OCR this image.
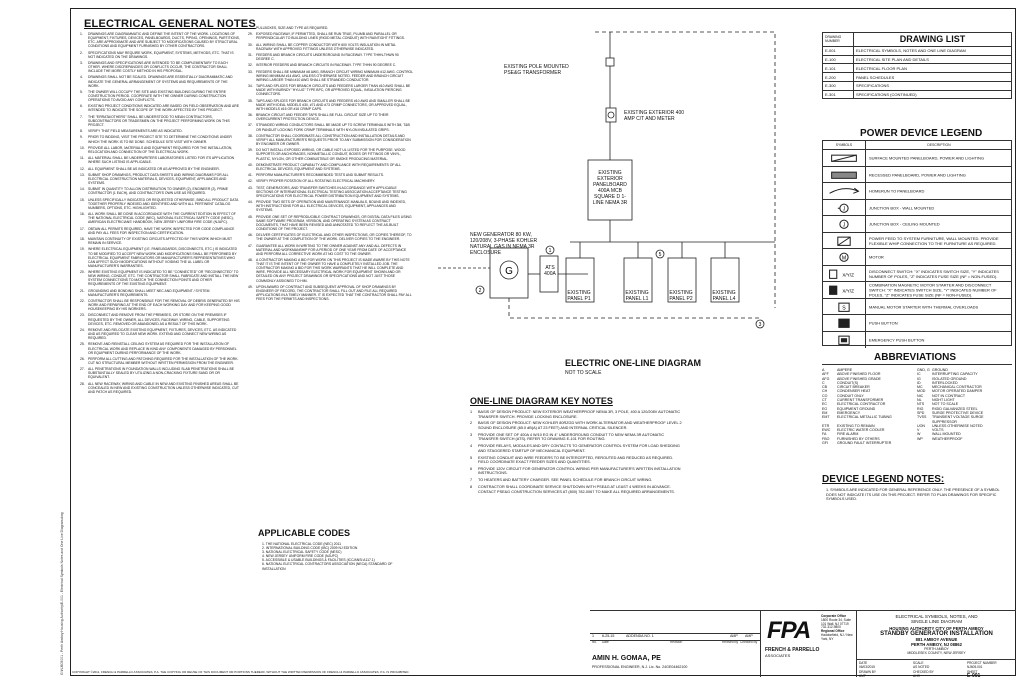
G:\NJ605001 - Perth Amboy Housing Authority\E-001 - Electrical Symbols Notes and One Line Diagram.dwg
ELECTRICAL GENERAL NOTES
1.	DRAWINGS ARE DIAGRAMMATIC AND DEFINE THE INTENT OF THE WORK. LOCATIONS OF EQUIPMENT, FIXTURES, DEVICES, PANELBOARDS, DUCTS, PIPING, OPENINGS, PARTITIONS, ETC. ARE APPROXIMATE AND ARE SUBJECT TO MODIFICATIONS CAUSED BY STRUCTURAL CONDITIONS AND EQUIPMENT FURNISHED BY OTHER CONTRACTORS.
2.	SPECIFICATIONS MAY REQUIRE WORK, EQUIPMENT, SYSTEMS, METHODS, ETC. THAT IS NOT INDICATED ON THE DRAWINGS.
3.	DRAWINGS AND SPECIFICATIONS ARE INTENDED TO BE COMPLEMENTARY TO EACH OTHER. WHERE DISCREPANCIES OR CONFLICTS OCCUR, THE CONTRACTOR SHALL INCLUDE THE MORE COSTLY METHOD IN HIS PROPOSAL.
4.	DRAWINGS SHALL NOT BE SCALED. DRAWINGS ARE ESSENTIALLY DIAGRAMMATIC AND INDICATE THE GENERAL ARRANGEMENT OF SYSTEMS AND REQUIREMENTS OF THE WORK.
5.	THE OWNER WILL OCCUPY THE SITE AND EXISTING BUILDING DURING THE ENTIRE CONSTRUCTION PERIOD. COOPERATE WITH THE OWNER DURING CONSTRUCTION OPERATIONS TO AVOID ANY CONFLICTS.
6.	EXISTING PROJECT CONDITIONS INDICATED ARE BASED ON FIELD OBSERVATION AND ARE INTENDED TO INDICATE THE SCOPE OF THE WORK AFFECTED BY THIS PROJECT.
7.	THE "ERRATA/OTHERS" SHALL BE UNDERSTOOD TO MEAN CONTRACTORS, SUBCONTRACTORS OR TRADESMEN ON THE PROJECT PERFORMING WORK ON THIS PROJECT.
8.	VERIFY THAT FIELD MEASUREMENTS ARE AS INDICATED.
9.	PRIOR TO BIDDING, VISIT THE PROJECT SITE TO DETERMINE THE CONDITIONS UNDER WHICH THE WORK IS TO BE DONE. SCHEDULE SITE VISIT WITH OWNER.
10. PROVIDE ALL LABOR, MATERIALS AND EQUIPMENT REQUIRED FOR THE INSTALLATION, RELOCATION AND CONNECTION OF THE ELECTRICAL WORK.
11.	ALL MATERIAL SHALL BE UNDERWRITERS LABORATORIES LISTED FOR ITS APPLICATION WHERE SUCH LISTING IS APPLICABLE.
12. ALL EQUIPMENT SHALL BE AS INDICATED OR AS APPROVED BY THE ENGINEER.
13. SUBMIT SHOP DRAWINGS, PRODUCT DATA SHEETS AND WIRING DIAGRAMS FOR ALL ELECTRICAL CONSTRUCTION MATERIALS, DEVICES, EQUIPMENT, APPLIANCES AND SYSTEMS.
14. SUBMIT IN QUANTITY TO ALLOW DISTRIBUTION TO OWNER (2), ENGINEER (2), PRIME CONTRACTOR (1 EACH), AND CONTRACTOR'S OWN USE AS REQUIRED.
15. UNLESS SPECIFICALLY INDICATED OR REQUESTED OTHERWISE, BIND ALL PRODUCT DATA TOGETHER PROPERLY INDEXED AND IDENTIFIED AND WITH ALL PERTINENT CATALOG NUMBERS, OPTIONS, ETC. HIGHLIGHTED.
16. ALL WORK SHALL BE DONE IN ACCORDANCE WITH THE CURRENT EDITION IN EFFECT OF THE NATIONAL ELECTRICAL CODE (NEC), NATIONAL ELECTRICAL SAFETY CODE (NESC), AMERICAN ELECTRICIANS' HANDBOOK, NEW JERSEY UNIFORM FIRE CODE (NJUFC).
17. OBTAIN ALL PERMITS REQUIRED, HAVE THE WORK INSPECTED FOR CODE COMPLIANCE AND PAY ALL FEES FOR INSPECTION AND CERTIFICATION.
18. MAINTAIN CONTINUITY OF EXISTING CIRCUITS AFFECTED BY THIS WORK WHICH MUST REMAIN IN SERVICE.
19. WHERE ELECTRICAL EQUIPMENT (I.E. PANELBOARDS, DISCONNECTS, ETC.) IS INDICATED TO BE MODIFIED TO ACCEPT NEW WORK AND MODIFICATIONS SHALL BE PERFORMED BY ELECTRICAL EQUIPMENT FABRICATORS OR MANUFACTURER'S REPRESENTATIVES WHO CAN AFFECT SUCH MODIFICATIONS WITHOUT VOIDING THE UL LABEL OR MANUFACTURER'S WARRANTIES.
20. WHERE EXISTING EQUIPMENT IS INDICATED TO BE "CONNECTED" OR "RECONNECTED" TO NEW WIRING, CONDUIT, ETC. THE CONTRACTOR SHALL FABRICATE AND INSTALL THE NEW SYSTEM CONNECTIONS TO MATCH THE CONNECTION POINTS AND OTHER REQUIREMENTS OF THE EXISTING EQUIPMENT.
21. GROUNDING AND BONDING SHALL MEET NEC AND EQUIPMENT / SYSTEM MANUFACTURER'S REQUIREMENTS.
22. CONTRACTOR SHALL BE RESPONSIBLE FOR THE REMOVAL OF DEBRIS GENERATED BY HIS WORK AND REPAIRING AT THE END OF EACH WORKING DAY AND FOR KEEPING GOOD HOUSEKEEPING BY HIS WORKERS.
23. DISCONNECT AND REMOVE FROM THE PREMISES, OR STORE ON THE PREMISES IF REQUESTED BY THE OWNER, ALL DEVICES, RACEWAY, WIRING, CABLE, SUPPORTING DEVICES, ETC. REMOVED OR ABANDONED AS A RESULT OF THIS WORK.
24. REMOVE AND RELOCATE EXISTING EQUIPMENT, FIXTURES, DEVICES, ETC. AS INDICATED AND AS REQUIRED TO CLEAR NEW WORK. EXTEND AND CONNECT NEW WIRING AS REQUIRED.
25. REMOVE AND REINSTALL CEILING SYSTEM AS REQUIRED FOR THE INSTALLATION OF ELECTRICAL WORK AND REPLACE IN KIND ANY COMPONENTS DAMAGED BY PERSONNEL OR EQUIPMENT DURING PERFORMANCE OF THE WORK.
26. PERFORM ALL CUTTING AND PATCHING REQUIRED FOR THE INSTALLATION OF THE WORK. CUT NO STRUCTURAL MEMBER WITHOUT WRITTEN PERMISSION FROM THE ENGINEER.
27. ALL PENETRATIONS IN FOUNDATION WALLS INCLUDING SLAB PENETRATIONS SHALL BE SUBSTANTIALLY SEALED BY UTILIZING A NON-CRACKING FIXTURE SAND OR OR EQUIVALENT.
28. ALL NEW RACEWAY, WIRING AND CABLE IN NEW AND EXISTING FINISHED AREAS SHALL BE CONCEALED IN NEW AND EXISTING CONSTRUCTION UNLESS OTHERWISE INDICATED, CUT AND PATCH AS REQUIRED.
PULLBOXES, SIZE AND TYPE AS REQUIRED.
29. EXPOSED RACEWAY, IF PERMITTED, SHALL BE RUN TRUE, PLUMB AND PARALLEL OR PERPENDICULAR TO BUILDING LINES (RIGID METAL CONDUIT) WITH RAINTIGHT FITTINGS.
30. ALL WIRING SHALL BE COPPER CONDUCTOR WITH 600 VOLTS INSULATION IN METAL RACEWAY WITH APPROVED FITTINGS UNLESS OTHERWISE INDICATED.
31. FEEDERS AND BRANCH CIRCUITS UNDERGROUND IN RACEWAY. TYPE THHN-THWN 90 DEGREE C.
32. INTERIOR FEEDERS AND BRANCH CIRCUITS IN RACEWAY. TYPE THHN 90 DEGREE C.
33. FEEDERS SHALL BE MINIMUM #8 AWG, BRANCH CIRCUIT WIRING MINIMUM #12 AWG. CONTROL WIRING MINIMUM #14 AWG, UNLESS OTHERWISE NOTED. FEEDER AND BRANCH CIRCUIT WIRING LARGER THAN #10 AWG SHALL BE STRANDED CONDUCTOR.
34. TAPS AND SPLICES FOR BRANCH CIRCUITS AND FEEDERS LARGER THAN #10 AWG SHALL BE MADE WITH BURNDY "HYLUG" TYPE BPC, OR APPROVED EQUAL, INSULATION PIERCING CONNECTORS.
35. TAPS AND SPLICES FOR BRANCH CIRCUITS AND FEEDERS #10 AWG AND SMALLER SHALL BE MADE WITH IDEAL MODELS #30, #71 AND #73 CRIMP CONNECTORS, OR APPROVED EQUAL, WITH MODELS #15 OR #16 CRIMP CAPS.
36. BRANCH CIRCUIT AND FEEDER TAPS SHALL BE FULL CIRCUIT SIZE UP TO THEIR OVERCURRENT PROTECTION DEVICE.
37. STRANDED WIRING CONDUCTORS SHALL BE MADE UP TO SCREW TERMINALS WITH 3M, T&B OR PANDUIT LOCKING FORK CRIMP TERMINALS WITH NYLON INSULATED GRIPS.
38. CONTRACTOR SHALL COORDINATE ALL CONSTRUCTION AND INSTALLATION DETAILS AND VERIFY ALL MANUFACTURER'S REQUESTS PRIOR TO ANY SUBMISSION FOR CONSIDERATION BY ENGINEER OR OWNER.
39. DO NOT INSTALL EXPOSED WIRING, OR CABLE NOT UL LISTED FOR THE PURPOSE. WOOD SUPPORTS OR ANCHORAGES, NONMETALLIC CONDUIT, BOXES OR FITTINGS OR VINYL, PLASTIC, NYLON, OR OTHER COMBUSTIBLE OR SMOKE PRODUCING MATERIAL.
40. DEMONSTRATE PRODUCT CAPABILITY AND COMPLIANCE WITH REQUIREMENTS OF ALL ELECTRICAL DEVICES, EQUIPMENT AND SYSTEMS.
41. PERFORM MANUFACTURER'S RECOMMENDED TESTS AND SUBMIT RESULTS.
42. VERIFY PROPER ROTATION OF ALL ROTATING ELECTRICAL MACHINERY.
43. TEST, GENERATORS, AND TRANSFER SWITCHES IN ACCORDANCE WITH APPLICABLE SECTIONS OF INTERNATIONAL ELECTRICAL TESTING ASSOCIATION ACCEPTANCE TESTING SPECIFICATIONS FOR ELECTRICAL POWER DISTRIBUTION EQUIPMENT AND SYSTEMS.
44. PROVIDE TWO SETS OF OPERATION AND MAINTENANCE MANUALS, BOUND AND INDEXED, WITH INSTRUCTIONS FOR ALL ELECTRICAL DEVICES, EQUIPMENT, APPLIANCES AND SYSTEMS.
45. PROVIDE ONE SET OF REPRODUCIBLE CONTRACT DRAWINGS, OR DIGITAL DATA FILES USING SAME SOFTWARE PROGRAM, VERSION, AND OPERATING SYSTEM AS CONTRACT DOCUMENTS, THAT HAVE BEEN REVISED AND ANNOTATED TO REFLECT THE AS-BUILT CONDITIONS OF THE PROJECT.
46. DELIVER CERTIFICATES OF ELECTRICAL AND OTHER INSPECTIONS, OR COPIES THEREOF, TO THE OWNER AT THE COMPLETION OF THE WORK. DELIVER COPIES TO THE ENGINEER.
47. GUARANTEE ALL WORK IN WRITING TO THE OWNER AGAINST ANY AND ALL DEFECTS IN MATERIAL AND WORKMANSHIP FOR A PERIOD OF ONE YEAR FROM DATE OF ACCEPTANCE AND PERFORM ALL CORRECTIVE WORK AT NO COST TO THE OWNER.
48. A CONTRACTOR MAKING A BID FOR WORK ON THIS PROJECT IS MADE AWARE BY THIS NOTE THAT IT IS THE INTENT OF THE OWNER TO HAVE A COMPLETELY INSTALLED JOB. THE CONTRACTOR MAKING A BID FOR THIS WORK WARRANTS THAT HE WILL COMPLETE AND WIRE, PROVIDE ALL NECESSARY ELECTRICAL WORK FOR EQUIPMENT SHOWN AND OR DETAILED ON ANY PROJECT DRAWINGS OR SPECIFICATIONS AND NOT JUST THOSE COMMONLY ASSIGNED TO HIM.
49. UPON AWARD OF CONTRACT AND SUBSEQUENT APPROVAL OF SHOP DRAWINGS BY ENGINEER OF RECORD, THE CONTRACTOR SHALL FILL OUT AND FILE ALL REQUIRED APPLICATIONS IN A TIMELY MANNER. IT IS EXPECTED THAT THE CONTRACTOR SHALL PAY ALL FEES FOR THE PERMITS AND INSPECTIONS.
APPLICABLE CODES
1. THE NATIONAL ELECTRICAL CODE (NEC) 2011
2. INTERNATIONAL BUILDING CODE (IBC) 2009 NJ EDITION
3. NATIONAL ELECTRICAL SAFETY CODE (NESC)
4. NEW JERSEY UNIFORM FIRE CODE (NJUFC)
5. ACCESSIBLE & USABLE BUILDINGS & FACILITIES (ICC/ANSI A117.1)
6. NATIONAL ELECTRICAL CONTRACTORS ASSOCIATION (NECA) STANDARD OF INSTALLATION
G
2
1
5
3
EXISTING POLE MOUNTED PSE&G TRANSFORMER
EXISTING EXTERIOR 400 AMP C/T AND METER
EXISTING EXTERIOR PANELBOARD 400A MCB SQUARE D 1-LINE NEMA 3R
NEW GENERATOR 80 KW, 120/208V, 3-PHASE KOHLER NATURAL GAS IN NEMA 3R ENCLOSURE
ATS 400A
EXISTING PANEL P1
EXISTING PANEL L1
EXISTING PANEL P2
EXISTING PANEL L4
ELECTRIC ONE-LINE DIAGRAM
NOT TO SCALE
ONE-LINE DIAGRAM KEY NOTES
1	BASIS OF DESIGN PRODUCT: NEW EXTERIOR WEATHERPROOF NEMA 3R, 3 POLE, 400 A 120/208V AUTOMATIC TRANSFER SWITCH. PROVIDE LOCKING ENCLOSURE.
2	BASIS OF DESIGN PRODUCT: NEW KOHLER 80RZGD WITH WORK ALTERNATOR AND WEATHERPROOF LEVEL 2 SOUND ENCLOSURE (65.0 dB(A) AT 23 FEET) AND INTERNAL CRITICAL SILENCER.
3	PROVIDE ONE SET OF 400A 4 W/10 EG IN 4" UNDERGROUND CONDUIT TO NEW NEMA 3R AUTOMATIC TRANSFER SWITCH (ATS). REFER TO DRAWING E-101 FOR ROUTING.
4	PROVIDE RELAYS, MODULES AND DRY CONTACTS TO GENERATOR CONTROL SYSTEM FOR LOAD SHEDDING AND STAGGERED STARTUP OF MECHANICAL EQUIPMENT.
5	EXISTING CONDUIT AND WIRE FEEDERS TO BE INTERCEPTED, REROUTED AND REDUCED AS REQUIRED. FIELD COORDINATE EXACT FEEDER SIZES AND QUANTITIES.
6	PROVIDE 120V CIRCUIT FOR GENERATOR CONTROL WIRING PER MANUFACTURER'S WRITTEN INSTALLATION INSTRUCTIONS.
7	TO HEATERS AND BATTERY CHARGER. SEE PANEL SCHEDULE FOR BRANCH CIRCUIT WIRING.
8	CONTRACTOR SHALL COORDINATE SERVICE SHUTDOWN WITH PSE&G AT LEAST 4 WEEKS IN ADVANCE. CONTACT PSE&G CONSTRUCTION SERVICES AT (800) 782-0067 TO MAKE ALL REQUIRED ARRANGEMENTS.
DRAWING NUMBER	DRAWING LIST
E-001	ELECTRICAL SYMBOLS, NOTES AND ONE LINE DIAGRAM
E-100	ELECTRICAL SITE PLAN AND DETAILS
E-101	ELECTRICAL FLOOR PLAN
E-200	PANEL SCHEDULES
E-300	SPECIFICATIONS
E-301	SPECIFICATIONS (CONTINUED)
POWER DEVICE LEGEND
SYMBOLS	DESCRIPTION
SURFACE MOUNTED PANELBOARD, POWER AND LIGHTING
RECESSED PANELBOARD, POWER AND LIGHTING
HOMERUN TO PANELBOARD
J	JUNCTION BOX - WALL MOUNTED
J	JUNCTION BOX - CEILING MOUNTED
POWER FEED TO SYSTEM FURNITURE, WALL MOUNTED. PROVIDE FLEXIBLE WHIP CONNECTION TO THE FURNITURE AS REQUIRED.
M	MOTOR
X/Y/Z
DISCONNECT SWITCH: "X" INDICATES SWITCH SIZE, "Y" INDICATES NUMBER OF POLES, "Z" INDICATES FUSE SIZE (NF = NON-FUSED).
X/Y/Z
COMBINATION MAGNETIC MOTOR STARTER AND DISCONNECT SWITCH: "X" INDICATES SWITCH SIZE, "Y" INDICATES NUMBER OF POLES, "Z" INDICATES FUSE SIZE (NF = NON-FUSED).
S	MANUAL MOTOR STARTER WITH THERMAL OVERLOADS
PUSH BUTTON
EMERGENCY PUSH BUTTON
ABBREVIATIONS
A	AMPERE	GND, G GROUND
AFF	ABOVE FINISHED FLOOR	IC	INTERRUPTING CAPACITY
AFG	ABOVE FINISHED GRADE	IG	ISOLATED GROUND
C	CONDUIT(S)	ID	INTERLOCKED
CB	CIRCUIT BREAKER	MC	MECHANICAL CONTRACTOR
CH	CONDENSER HEAT	MOD	MOTOR OPERATED DAMPER
CO	CONDUIT ONLY	NIC	NOT IN CONTRACT
CT	CURRENT TRANSFORMER	NL	NIGHT LIGHT
EC	ELECTRICAL CONTRACTOR	NTS	NOT TO SCALE
EG	EQUIPMENT GROUND	RIG	RIGID GALVANIZED STEEL
EM	EMERGENCY	SPD	SURGE PROTECTIVE DEVICE
EMT	ELECTRICAL METALLIC TUBING	TVSS	TRANSIENT VOLTAGE SURGE SUPPRESSOR
ETR	EXISTING TO REMAIN	UON	UNLESS OTHERWISE NOTED
EWC	ELECTRIC WATER COOLER	V	VOLTS
FA	FIRE ALARM	W	WALL MOUNTED
FBO	FURNISHED BY OTHERS	WP	WEATHERPROOF
GFI	GROUND FAULT INTERRUPTER
DEVICE LEGEND NOTES:
1. SYMBOLS ARE INDICATED FOR GENERAL REFERENCE ONLY. THE PRESENCE OF A SYMBOL DOES NOT INDICATE ITS USE ON THIS PROJECT. REFER TO PLAN DRAWINGS FOR SPECIFIC SYMBOLS USED.
1 6-25-15	ADDENDA NO. 1	AMP AMP
No. Date	Revision	Revised By Checked By
AMIN H. GOMAA, PE
PROFESSIONAL ENGINEER, N.J. Lic. No. 24GE04462100
FPA
FRENCH & PARRELLO
ASSOCIATES
Corporate Office
1800 Route 34, Suite 101 Wall, NJ 07719
732-312-9800
Regional Office
Haddonfield, NJ / New York, NY
ELECTRICAL SYMBOLS, NOTES, AND
SINGLE LINE DIAGRAM
HOUSING AUTHORITY CITY OF PERTH AMBOY
STANDBY GENERATOR INSTALLATION
881 AMBOY AVENUE
PERTH AMBOY, NJ 08862
PERTH AMBOY
MIDDLESEX COUNTY, NEW JERSEY
DATE
06/03/2015
SCALE
AS NOTED
PROJECT NUMBER
NJ605.001
DRAWN BY
AMP
CHECKED BY
AHG
SHEET
E-001
COPYRIGHT ©2011, FRENCH & PARRELLO ASSOCIATES, P.A. THE COPYING OR REUSE OF THIS DOCUMENT OR PORTIONS THEREOF, WITHOUT THE WRITTEN PERMISSION OF FRENCH & PARRELLO ASSOCIATES, P.A. IS PROHIBITED.
